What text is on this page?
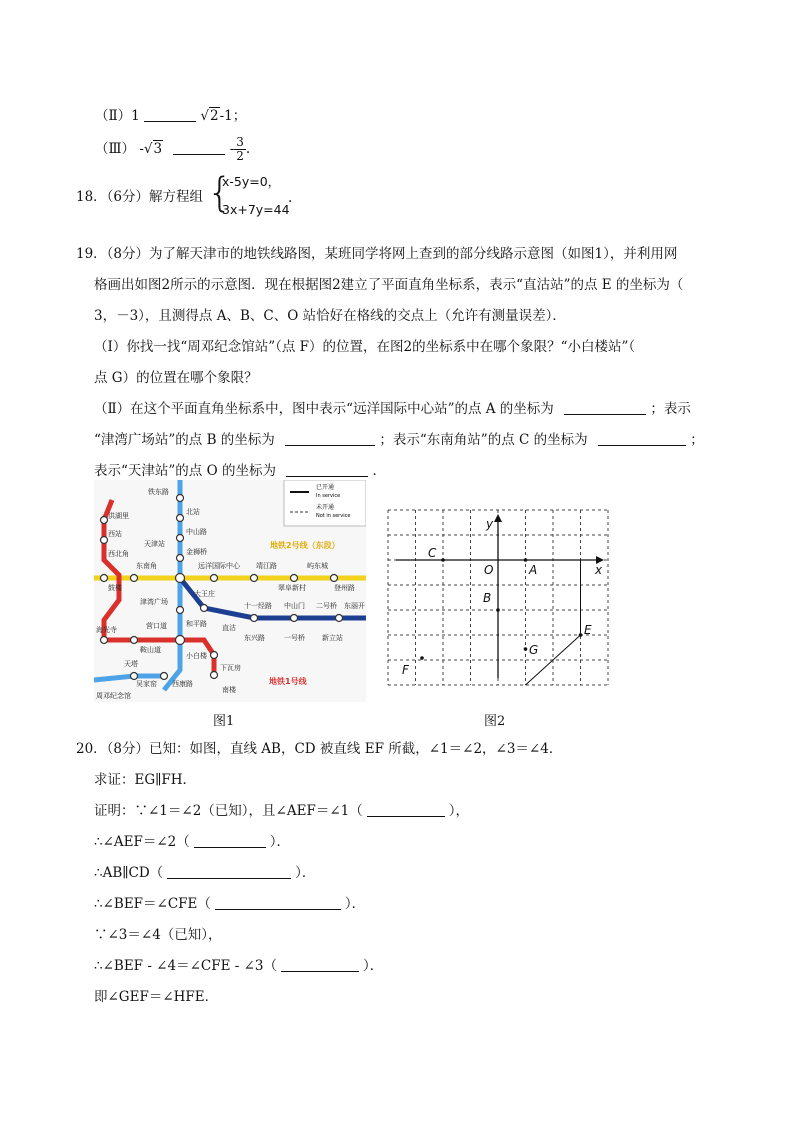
（Ⅱ）1	√2-1；
（Ⅲ） -√3	- $\frac{3}{2}$ .
18．（6分）解方程组 {
x-5y=0，
3x+7y=44
.
19．（8分）为了解天津市的地铁线路图，某班同学将网上查到的部分线路示意图（如图1），并利用网
格画出如图2所示的示意图．现在根据图2建立了平面直角坐标系，表示“直沽站”的点 E 的坐标为（
3，－3），且测得点 A、B、C、O 站恰好在格线的交点上（允许有测量误差）．
（Ⅰ）你找一找“周邓纪念馆站”（点 F）的位置，在图2的坐标系中在哪个象限？“小白楼站”（
点 G）的位置在哪个象限？
（Ⅱ）在这个平面直角坐标系中，图中表示“远洋国际中心站”的点 A 的坐标为	；表示
“津湾广场站”的点 B 的坐标为	；表示“东南角站”的点 C 的坐标为	；
表示“天津站”的点 O 的坐标为	．
已开通
In service
未开通
Not in service
地铁2号线（东段）
地铁1号线
铁东路
北站
中山路
金狮桥
天津站
远洋国际中心 靖江路
翠阜新村
屿东城
登州路
东南角
鼓楼
津湾广场
大王庄
十一经路 中山门 二号桥 东丽开
营口道	和平路 直沽
东兴路	一号桥 新立站
鞍山道
小白楼
天塔
吴家窑 西康路
下瓦房
南楼
海光寺
洪湖里
西站
西北角
周邓纪念馆
图1
x
y
O	A
B
C
E
F
G
图2
20．（8分）已知：如图，直线 AB，CD 被直线 EF 所截，∠1＝∠2，∠3＝∠4．
求证：EG∥FH．
证明：∵∠1＝∠2（已知），且∠AEF＝∠1（	），
∴∠AEF＝∠2（	）．
∴AB∥CD（	）．
∴∠BEF＝∠CFE（	）．
∵∠3＝∠4（已知），
∴∠BEF - ∠4＝∠CFE - ∠3（	）．
即∠GEF＝∠HFE．
